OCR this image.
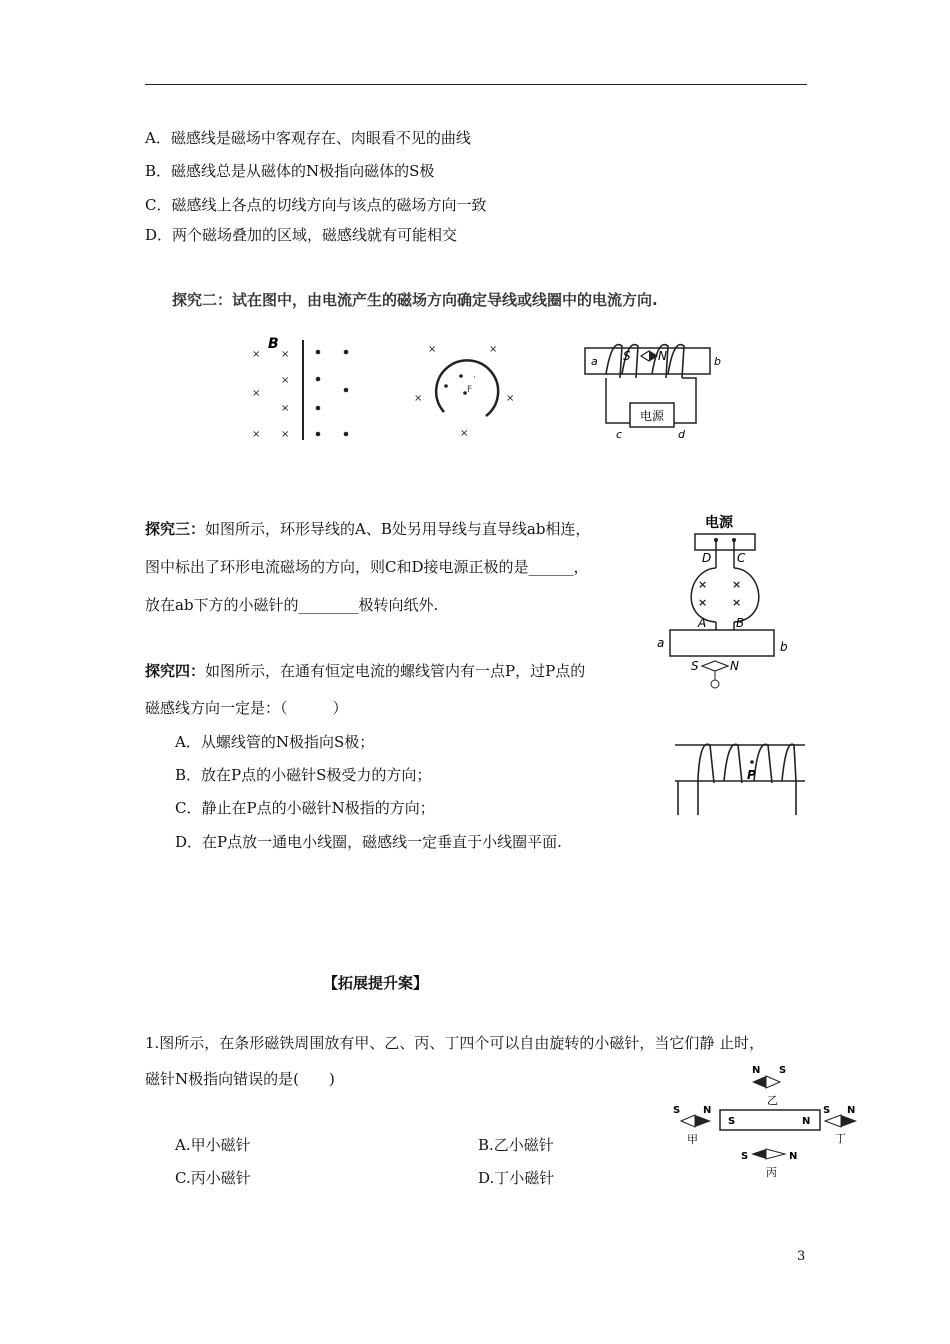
A．磁感线是磁场中客观存在、肉眼看不见的曲线
B．磁感线总是从磁体的N极指向磁体的S极
C．磁感线上各点的切线方向与该点的磁场方向一致
D．两个磁场叠加的区域，磁感线就有可能相交
探究二：试在图中，由电流产生的磁场方向确定导线或线圈中的电流方向.
B
× ×
×
×
×
× ×
×	×
×	×
×
·
F
a	b
S N
电源
c	d
探究三：如图所示，环形导线的A、B处另用导线与直导线ab相连，
图中标出了环形电流磁场的方向，则C和D接电源正极的是______，
放在ab下方的小磁针的________极转向纸外.
电源
D C
× ×
× ×
A B
a	b
S	N
探究四：如图所示，在通有恒定电流的螺线管内有一点P，过P点的
磁感线方向一定是：（　　　）
A．从螺线管的N极指向S极；
B．放在P点的小磁针S极受力的方向；
C．静止在P点的小磁针N极指的方向；
D．在P点放一通电小线圈，磁感线一定垂直于小线圈平面.
P
【拓展提升案】
1.图所示，在条形磁铁周围放有甲、乙、丙、丁四个可以自由旋转的小磁针，当它们静 止时，
磁针N极指向错误的是(　　)
A.甲小磁针	B.乙小磁针
C.丙小磁针	D.丁小磁针
N S
乙
S N
甲
S	N
S N
丁
S	N
丙
3
